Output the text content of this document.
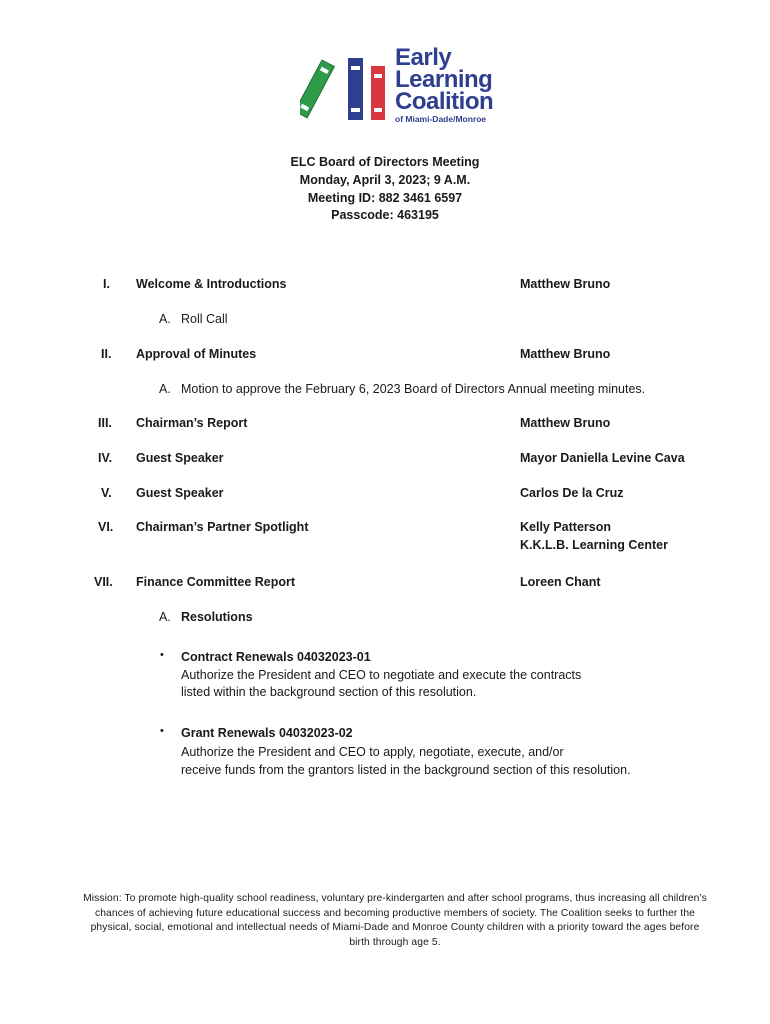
Early
Learning
Coalition
of Miami-Dade/Monroe
ELC Board of Directors Meeting
Monday, April 3, 2023; 9 A.M.
Meeting ID: 882 3461 6597
Passcode: 463195
I. Welcome & Introductions	Matthew Bruno
A. Roll Call
II. Approval of Minutes	Matthew Bruno
A. Motion to approve the February 6, 2023 Board of Directors Annual meeting minutes.
III. Chairman’s Report	Matthew Bruno
IV. Guest Speaker	Mayor Daniella Levine Cava
V. Guest Speaker	Carlos De la Cruz
VI. Chairman’s Partner Spotlight	Kelly Patterson
K.K.L.B. Learning Center
VII. Finance Committee Report	Loreen Chant
A. Resolutions
• Contract Renewals 04032023-01
Authorize the President and CEO to negotiate and execute the contracts
listed within the background section of this resolution.
• Grant Renewals 04032023-02
Authorize the President and CEO to apply, negotiate, execute, and/or
receive funds from the grantors listed in the background section of this resolution.
Mission: To promote high-quality school readiness, voluntary pre-kindergarten and after school programs, thus increasing all children’s chances of achieving future educational success and becoming productive members of society. The Coalition seeks to further the physical, social, emotional and intellectual needs of Miami-Dade and Monroe County children with a priority toward the ages before birth through age 5.
